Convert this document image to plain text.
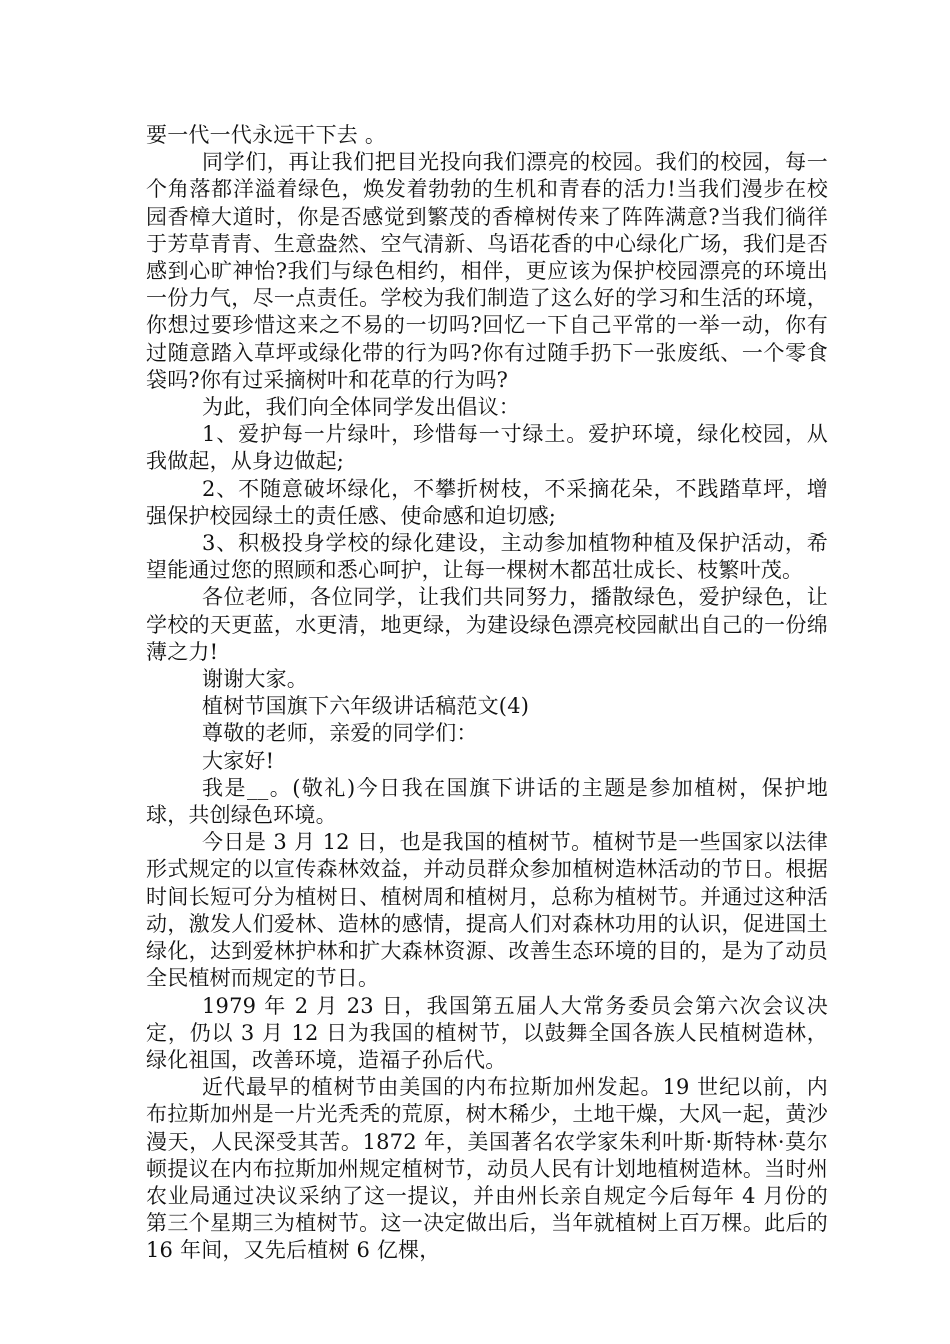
要一代一代永远干下去 。

同学们，再让我们把目光投向我们漂亮的校园。我们的校园，每一个角落都洋溢着绿色，焕发着勃勃的生机和青春的活力!当我们漫步在校园香樟大道时，你是否感觉到繁茂的香樟树传来了阵阵满意?当我们徜徉于芳草青青、生意盎然、空气清新、鸟语花香的中心绿化广场，我们是否感到心旷神怡?我们与绿色相约，相伴，更应该为保护校园漂亮的环境出一份力气，尽一点责任。学校为我们制造了这么好的学习和生活的环境，你想过要珍惜这来之不易的一切吗?回忆一下自己平常的一举一动，你有过随意踏入草坪或绿化带的行为吗?你有过随手扔下一张废纸、一个零食袋吗?你有过采摘树叶和花草的行为吗?

为此，我们向全体同学发出倡议：

1、爱护每一片绿叶，珍惜每一寸绿土。爱护环境，绿化校园，从我做起，从身边做起;

2、不随意破坏绿化，不攀折树枝，不采摘花朵，不践踏草坪，增强保护校园绿土的责任感、使命感和迫切感;

3、积极投身学校的绿化建设，主动参加植物种植及保护活动，希望能通过您的照顾和悉心呵护，让每一棵树木都茁壮成长、枝繁叶茂。

各位老师，各位同学，让我们共同努力，播散绿色，爱护绿色，让学校的天更蓝，水更清，地更绿，为建设绿色漂亮校园献出自己的一份绵薄之力!

谢谢大家。

植树节国旗下六年级讲话稿范文(4)

尊敬的老师，亲爱的同学们：

大家好!

我是__。(敬礼)今日我在国旗下讲话的主题是参加植树，保护地球，共创绿色环境。

今日是 3 月 12 日，也是我国的植树节。植树节是一些国家以法律形式规定的以宣传森林效益，并动员群众参加植树造林活动的节日。根据时间长短可分为植树日、植树周和植树月，总称为植树节。并通过这种活动，激发人们爱林、造林的感情，提高人们对森林功用的认识，促进国土绿化，达到爱林护林和扩大森林资源、改善生态环境的目的，是为了动员全民植树而规定的节日。

1979 年 2 月 23 日，我国第五届人大常务委员会第六次会议决定，仍以 3 月 12 日为我国的植树节，以鼓舞全国各族人民植树造林，绿化祖国，改善环境，造福子孙后代。

近代最早的植树节由美国的内布拉斯加州发起。19 世纪以前，内布拉斯加州是一片光秃秃的荒原，树木稀少，土地干燥，大风一起，黄沙漫天，人民深受其苦。1872 年，美国著名农学家朱利叶斯·斯特林·莫尔顿提议在内布拉斯加州规定植树节，动员人民有计划地植树造林。当时州农业局通过决议采纳了这一提议，并由州长亲自规定今后每年 4 月份的第三个星期三为植树节。这一决定做出后，当年就植树上百万棵。此后的 16 年间，又先后植树 6 亿棵，
